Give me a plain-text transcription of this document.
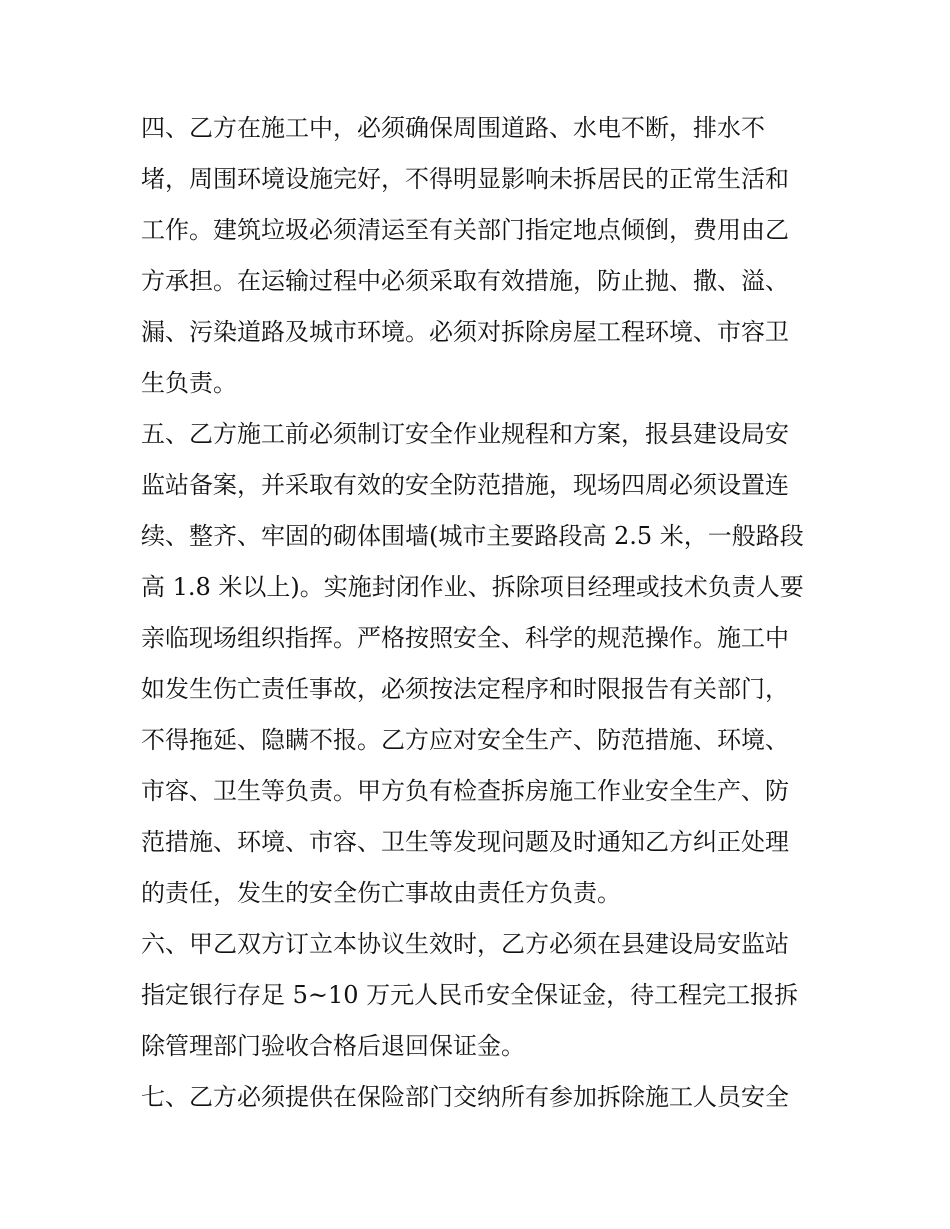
四、乙方在施工中，必须确保周围道路、水电不断，排水不
堵，周围环境设施完好，不得明显影响未拆居民的正常生活和
工作。建筑垃圾必须清运至有关部门指定地点倾倒，费用由乙
方承担。在运输过程中必须采取有效措施，防止抛、撒、溢、
漏、污染道路及城市环境。必须对拆除房屋工程环境、市容卫
生负责。
五、乙方施工前必须制订安全作业规程和方案，报县建设局安
监站备案，并采取有效的安全防范措施，现场四周必须设置连
续、整齐、牢固的砌体围墙(城市主要路段高 2.5 米，一般路段
高 1.8 米以上)。实施封闭作业、拆除项目经理或技术负责人要
亲临现场组织指挥。严格按照安全、科学的规范操作。施工中
如发生伤亡责任事故，必须按法定程序和时限报告有关部门，
不得拖延、隐瞒不报。乙方应对安全生产、防范措施、环境、
市容、卫生等负责。甲方负有检查拆房施工作业安全生产、防
范措施、环境、市容、卫生等发现问题及时通知乙方纠正处理
的责任，发生的安全伤亡事故由责任方负责。
六、甲乙双方订立本协议生效时，乙方必须在县建设局安监站
指定银行存足 5~10 万元人民币安全保证金，待工程完工报拆
除管理部门验收合格后退回保证金。
七、乙方必须提供在保险部门交纳所有参加拆除施工人员安全
